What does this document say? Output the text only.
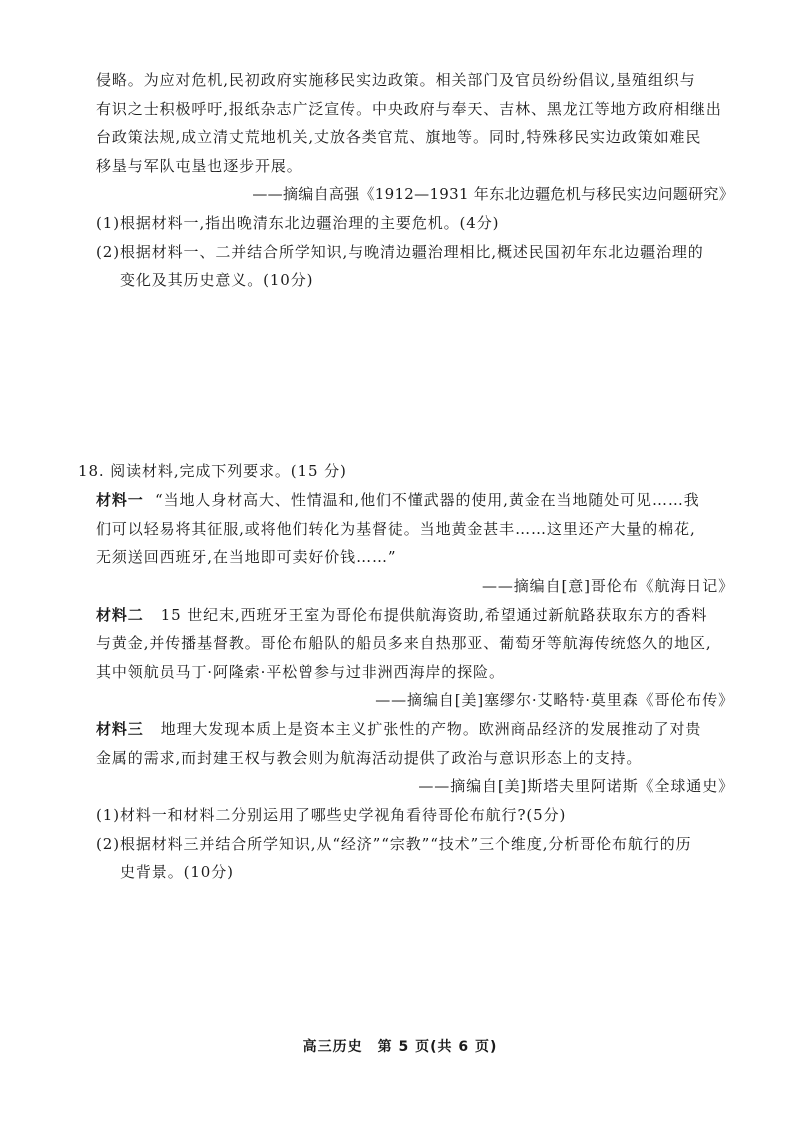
侵略。为应对危机,民初政府实施移民实边政策。相关部门及官员纷纷倡议,垦殖组织与
有识之士积极呼吁,报纸杂志广泛宣传。中央政府与奉天、吉林、黑龙江等地方政府相继出
台政策法规,成立清丈荒地机关,丈放各类官荒、旗地等。同时,特殊移民实边政策如难民
移垦与军队屯垦也逐步开展。
——摘编自高强《1912—1931 年东北边疆危机与移民实边问题研究》
(1)根据材料一,指出晚清东北边疆治理的主要危机。(4分)
(2)根据材料一、二并结合所学知识,与晚清边疆治理相比,概述民国初年东北边疆治理的
变化及其历史意义。(10分)
18. 阅读材料,完成下列要求。(15 分)
材料一 “当地人身材高大、性情温和,他们不懂武器的使用,黄金在当地随处可见……我
们可以轻易将其征服,或将他们转化为基督徒。当地黄金甚丰……这里还产大量的棉花,
无须送回西班牙,在当地即可卖好价钱……”
——摘编自[意]哥伦布《航海日记》
材料二 15 世纪末,西班牙王室为哥伦布提供航海资助,希望通过新航路获取东方的香料
与黄金,并传播基督教。哥伦布船队的船员多来自热那亚、葡萄牙等航海传统悠久的地区,
其中领航员马丁·阿隆索·平松曾参与过非洲西海岸的探险。
——摘编自[美]塞缪尔·艾略特·莫里森《哥伦布传》
材料三 地理大发现本质上是资本主义扩张性的产物。欧洲商品经济的发展推动了对贵
金属的需求,而封建王权与教会则为航海活动提供了政治与意识形态上的支持。
——摘编自[美]斯塔夫里阿诺斯《全球通史》
(1)材料一和材料二分别运用了哪些史学视角看待哥伦布航行?(5分)
(2)根据材料三并结合所学知识,从“经济”“宗教”“技术”三个维度,分析哥伦布航行的历
史背景。(10分)
高三历史　第 5 页(共 6 页)
